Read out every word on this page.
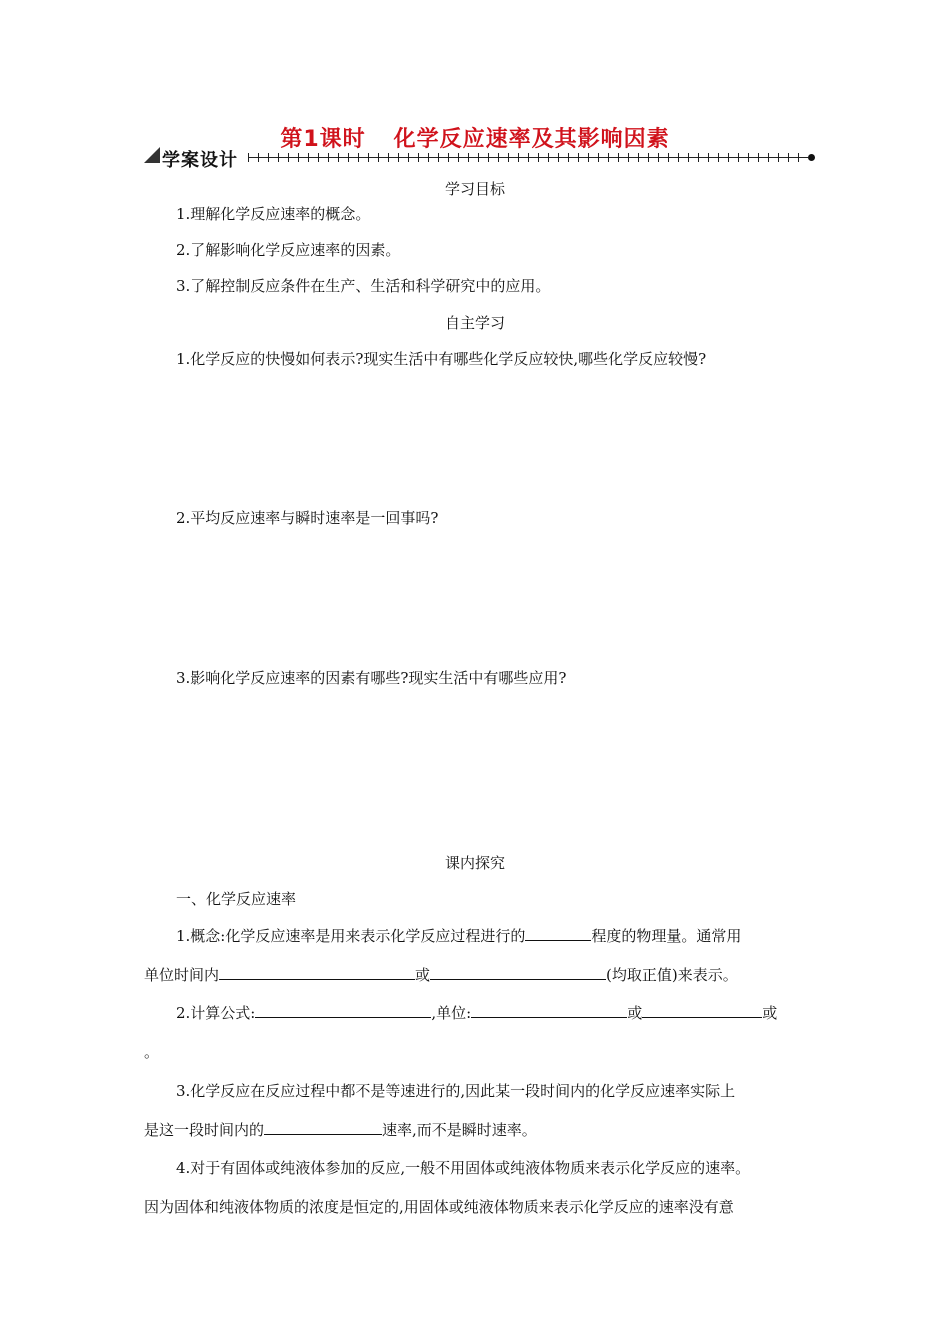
第1课时 化学反应速率及其影响因素
学案设计
学习目标
1.理解化学反应速率的概念。
2.了解影响化学反应速率的因素。
3.了解控制反应条件在生产、生活和科学研究中的应用。
自主学习
1.化学反应的快慢如何表示?现实生活中有哪些化学反应较快,哪些化学反应较慢?
2.平均反应速率与瞬时速率是一回事吗?
3.影响化学反应速率的因素有哪些?现实生活中有哪些应用?
课内探究
一、化学反应速率
1.概念:化学反应速率是用来表示化学反应过程进行的	程度的物理量。通常用
单位时间内	或	(均取正值)来表示。
2.计算公式:	,单位:	或	或
。
3.化学反应在反应过程中都不是等速进行的,因此某一段时间内的化学反应速率实际上
是这一段时间内的	速率,而不是瞬时速率。
4.对于有固体或纯液体参加的反应,一般不用固体或纯液体物质来表示化学反应的速率。
因为固体和纯液体物质的浓度是恒定的,用固体或纯液体物质来表示化学反应的速率没有意
